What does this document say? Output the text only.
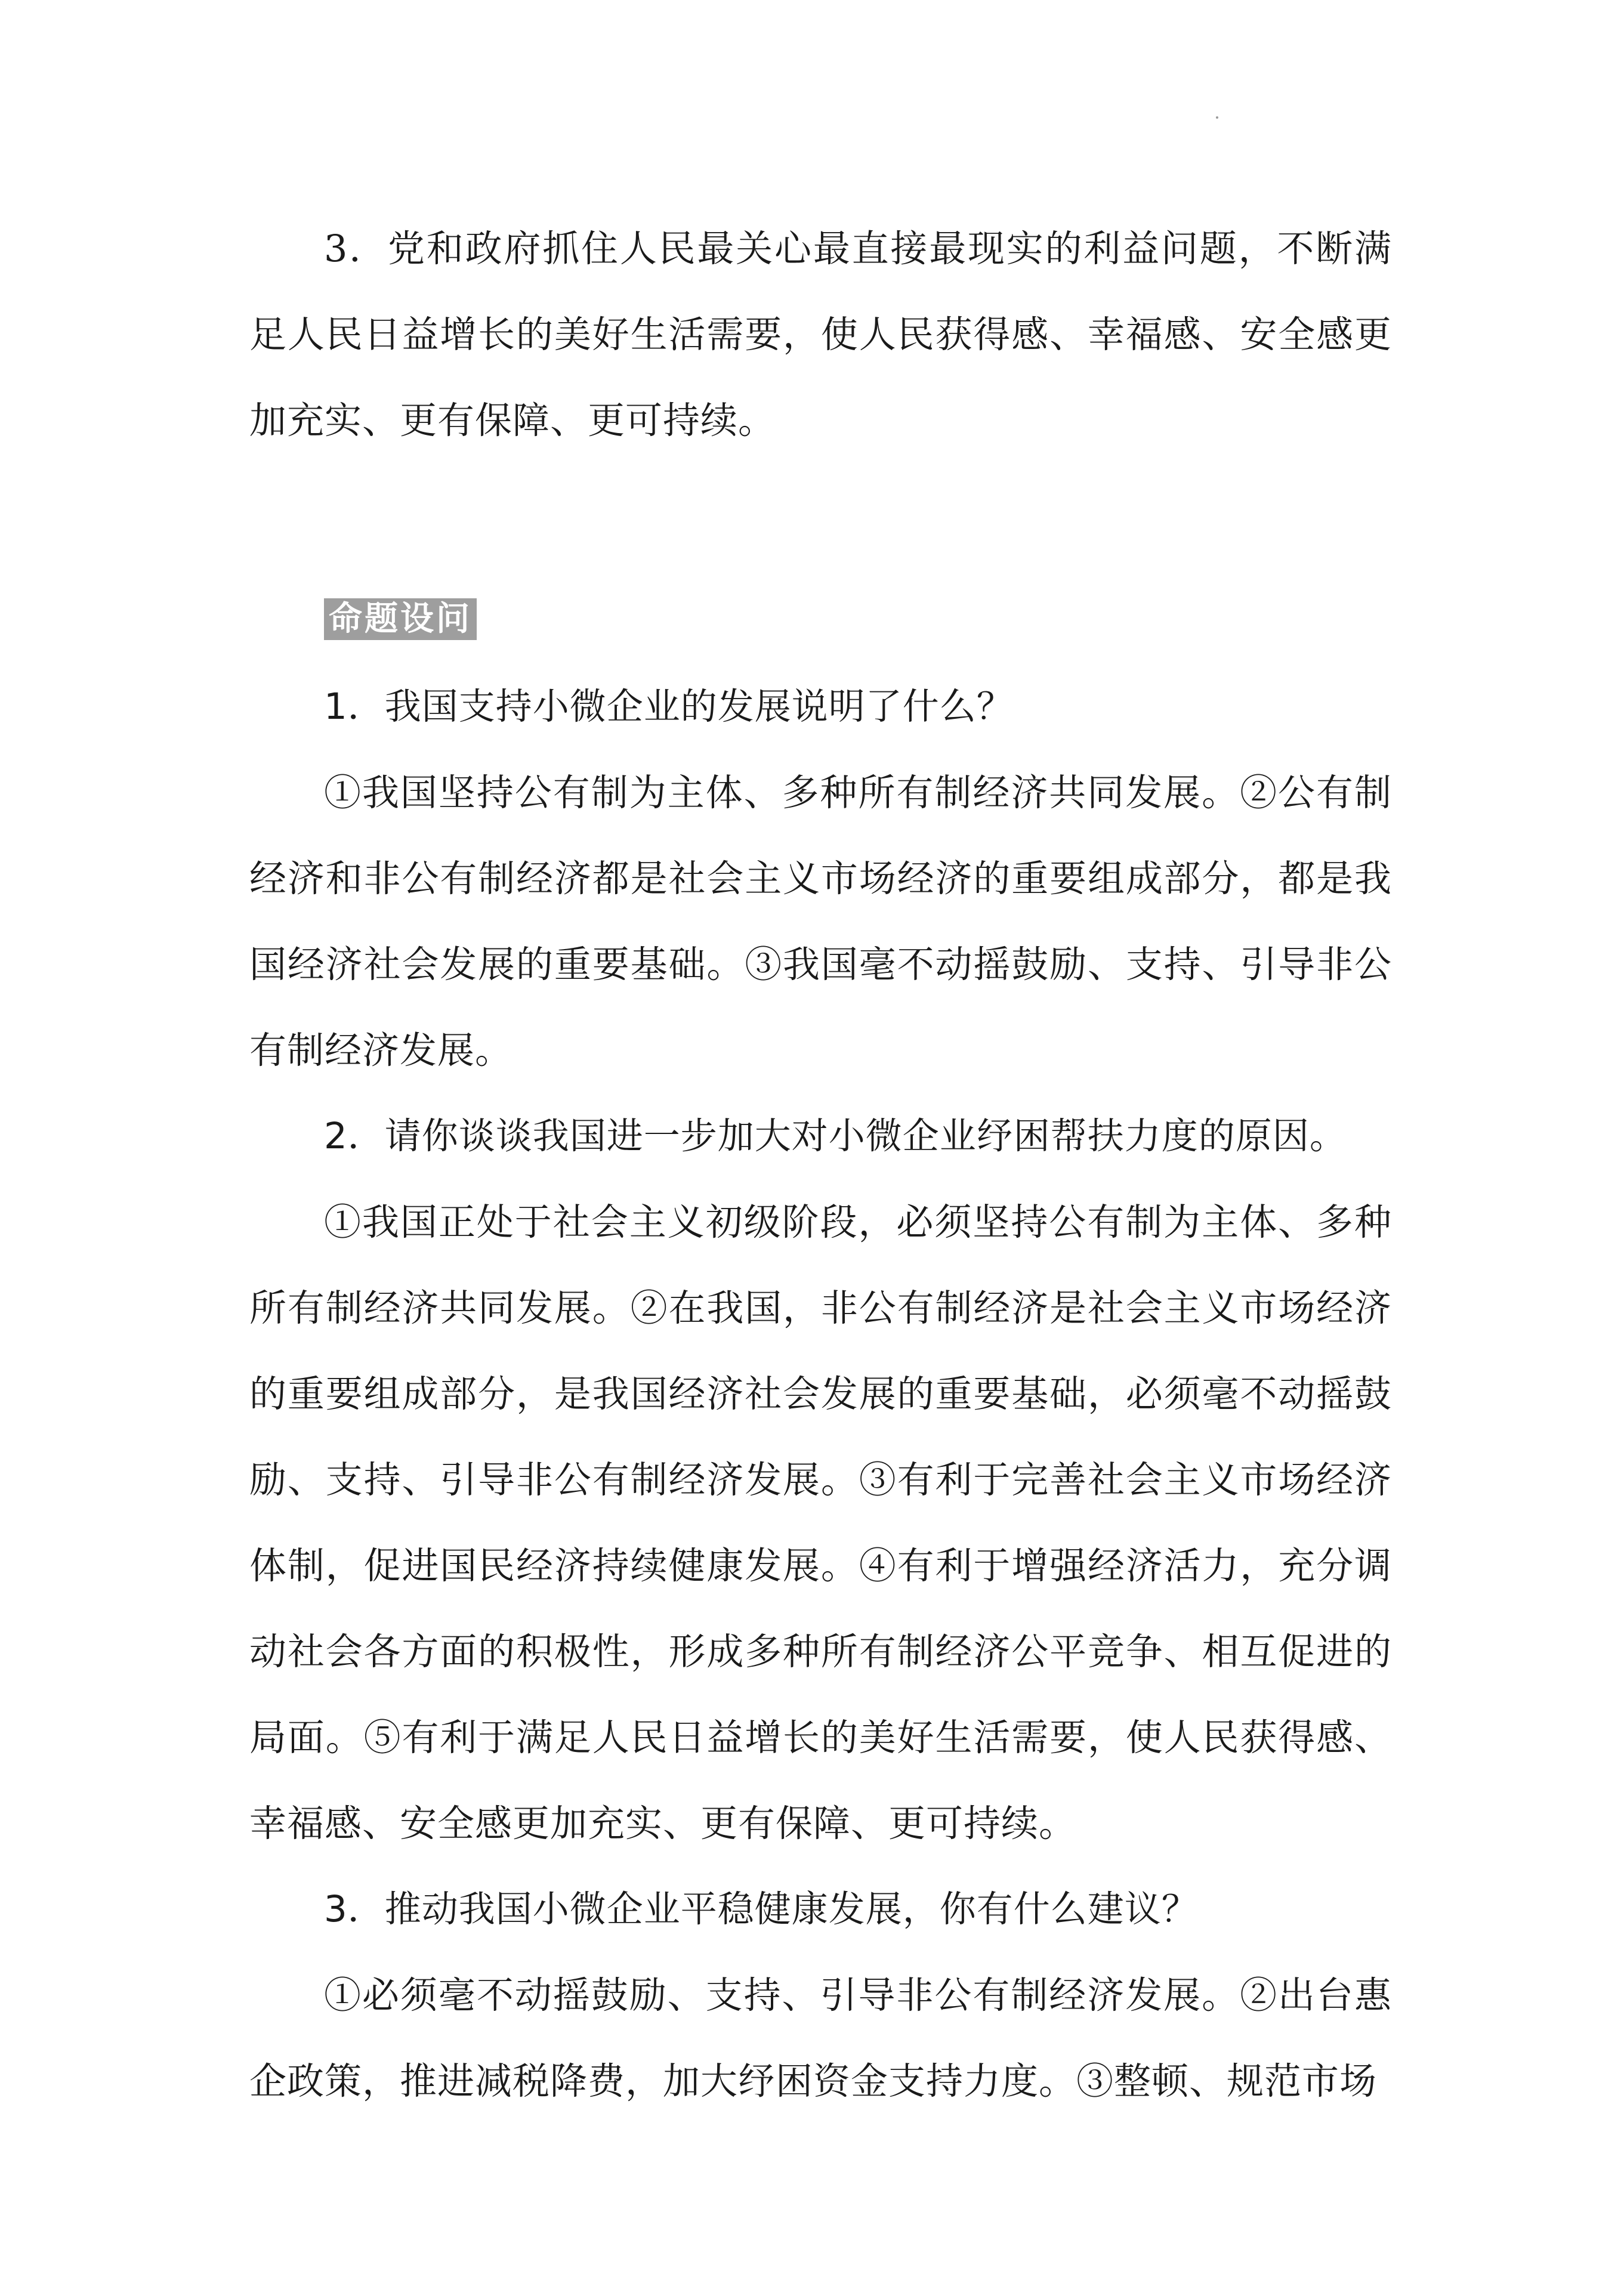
3．党和政府抓住人民最关心最直接最现实的利益问题，不断满足人民日益增长的美好生活需要，使人民获得感、幸福感、安全感更加充实、更有保障、更可持续。

命题设问

1．我国支持小微企业的发展说明了什么？

①我国坚持公有制为主体、多种所有制经济共同发展。②公有制经济和非公有制经济都是社会主义市场经济的重要组成部分，都是我国经济社会发展的重要基础。③我国毫不动摇鼓励、支持、引导非公有制经济发展。

2．请你谈谈我国进一步加大对小微企业纾困帮扶力度的原因。

①我国正处于社会主义初级阶段，必须坚持公有制为主体、多种所有制经济共同发展。②在我国，非公有制经济是社会主义市场经济的重要组成部分，是我国经济社会发展的重要基础，必须毫不动摇鼓励、支持、引导非公有制经济发展。③有利于完善社会主义市场经济体制，促进国民经济持续健康发展。④有利于增强经济活力，充分调动社会各方面的积极性，形成多种所有制经济公平竞争、相互促进的局面。⑤有利于满足人民日益增长的美好生活需要，使人民获得感、幸福感、安全感更加充实、更有保障、更可持续。

3．推动我国小微企业平稳健康发展，你有什么建议？

①必须毫不动摇鼓励、支持、引导非公有制经济发展。②出台惠企政策，推进减税降费，加大纾困资金支持力度。③整顿、规范市场
